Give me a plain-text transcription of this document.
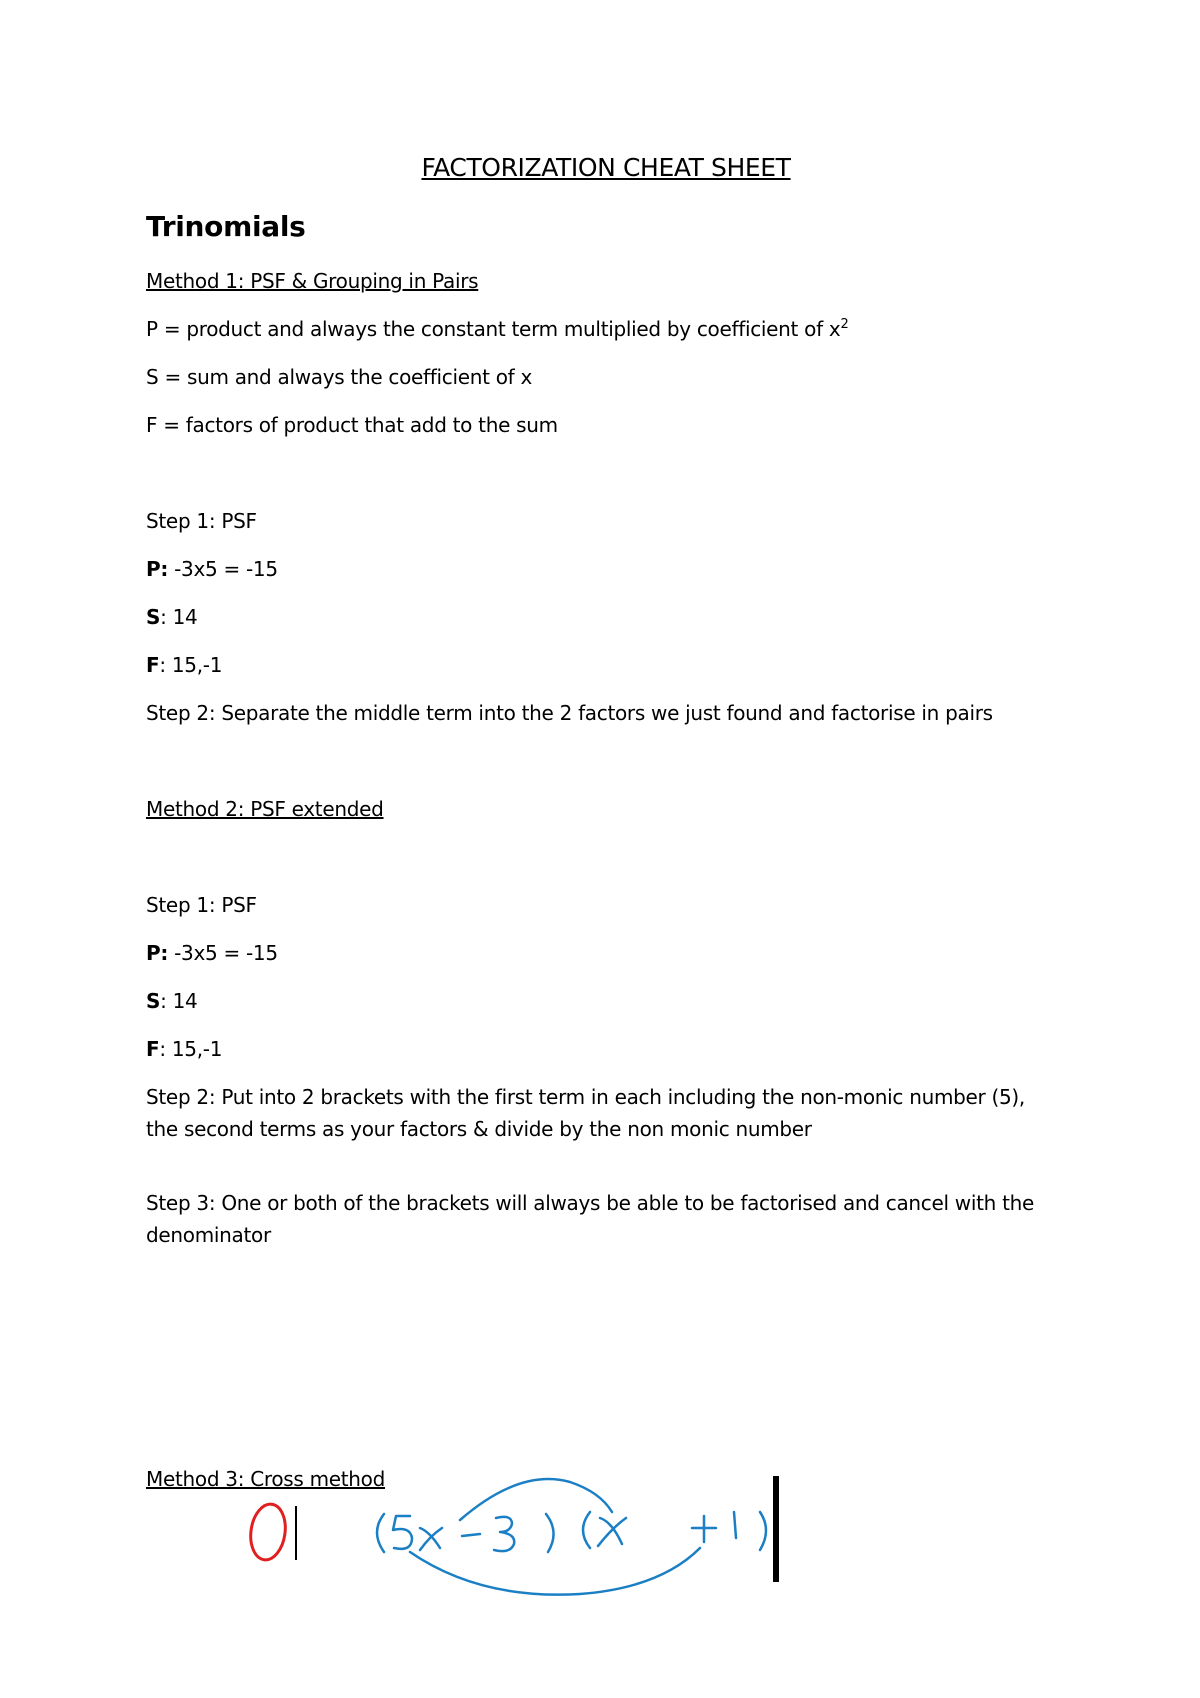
FACTORIZATION CHEAT SHEET
Trinomials
Method 1: PSF & Grouping in Pairs
P = product and always the constant term multiplied by coefficient of $x^2$
S = sum and always the coefficient of x
F = factors of product that add to the sum
Step 1: PSF
P: -3x5 = -15
S: 14
F: 15,-1
Step 2: Separate the middle term into the 2 factors we just found and factorise in pairs
Method 2: PSF extended
Step 1: PSF
P: -3x5 = -15
S: 14
F: 15,-1
Step 2: Put into 2 brackets with the first term in each including the non-monic number (5),
the second terms as your factors & divide by the non monic number
Step 3: One or both of the brackets will always be able to be factorised and cancel with the
denominator
Method 3: Cross method
